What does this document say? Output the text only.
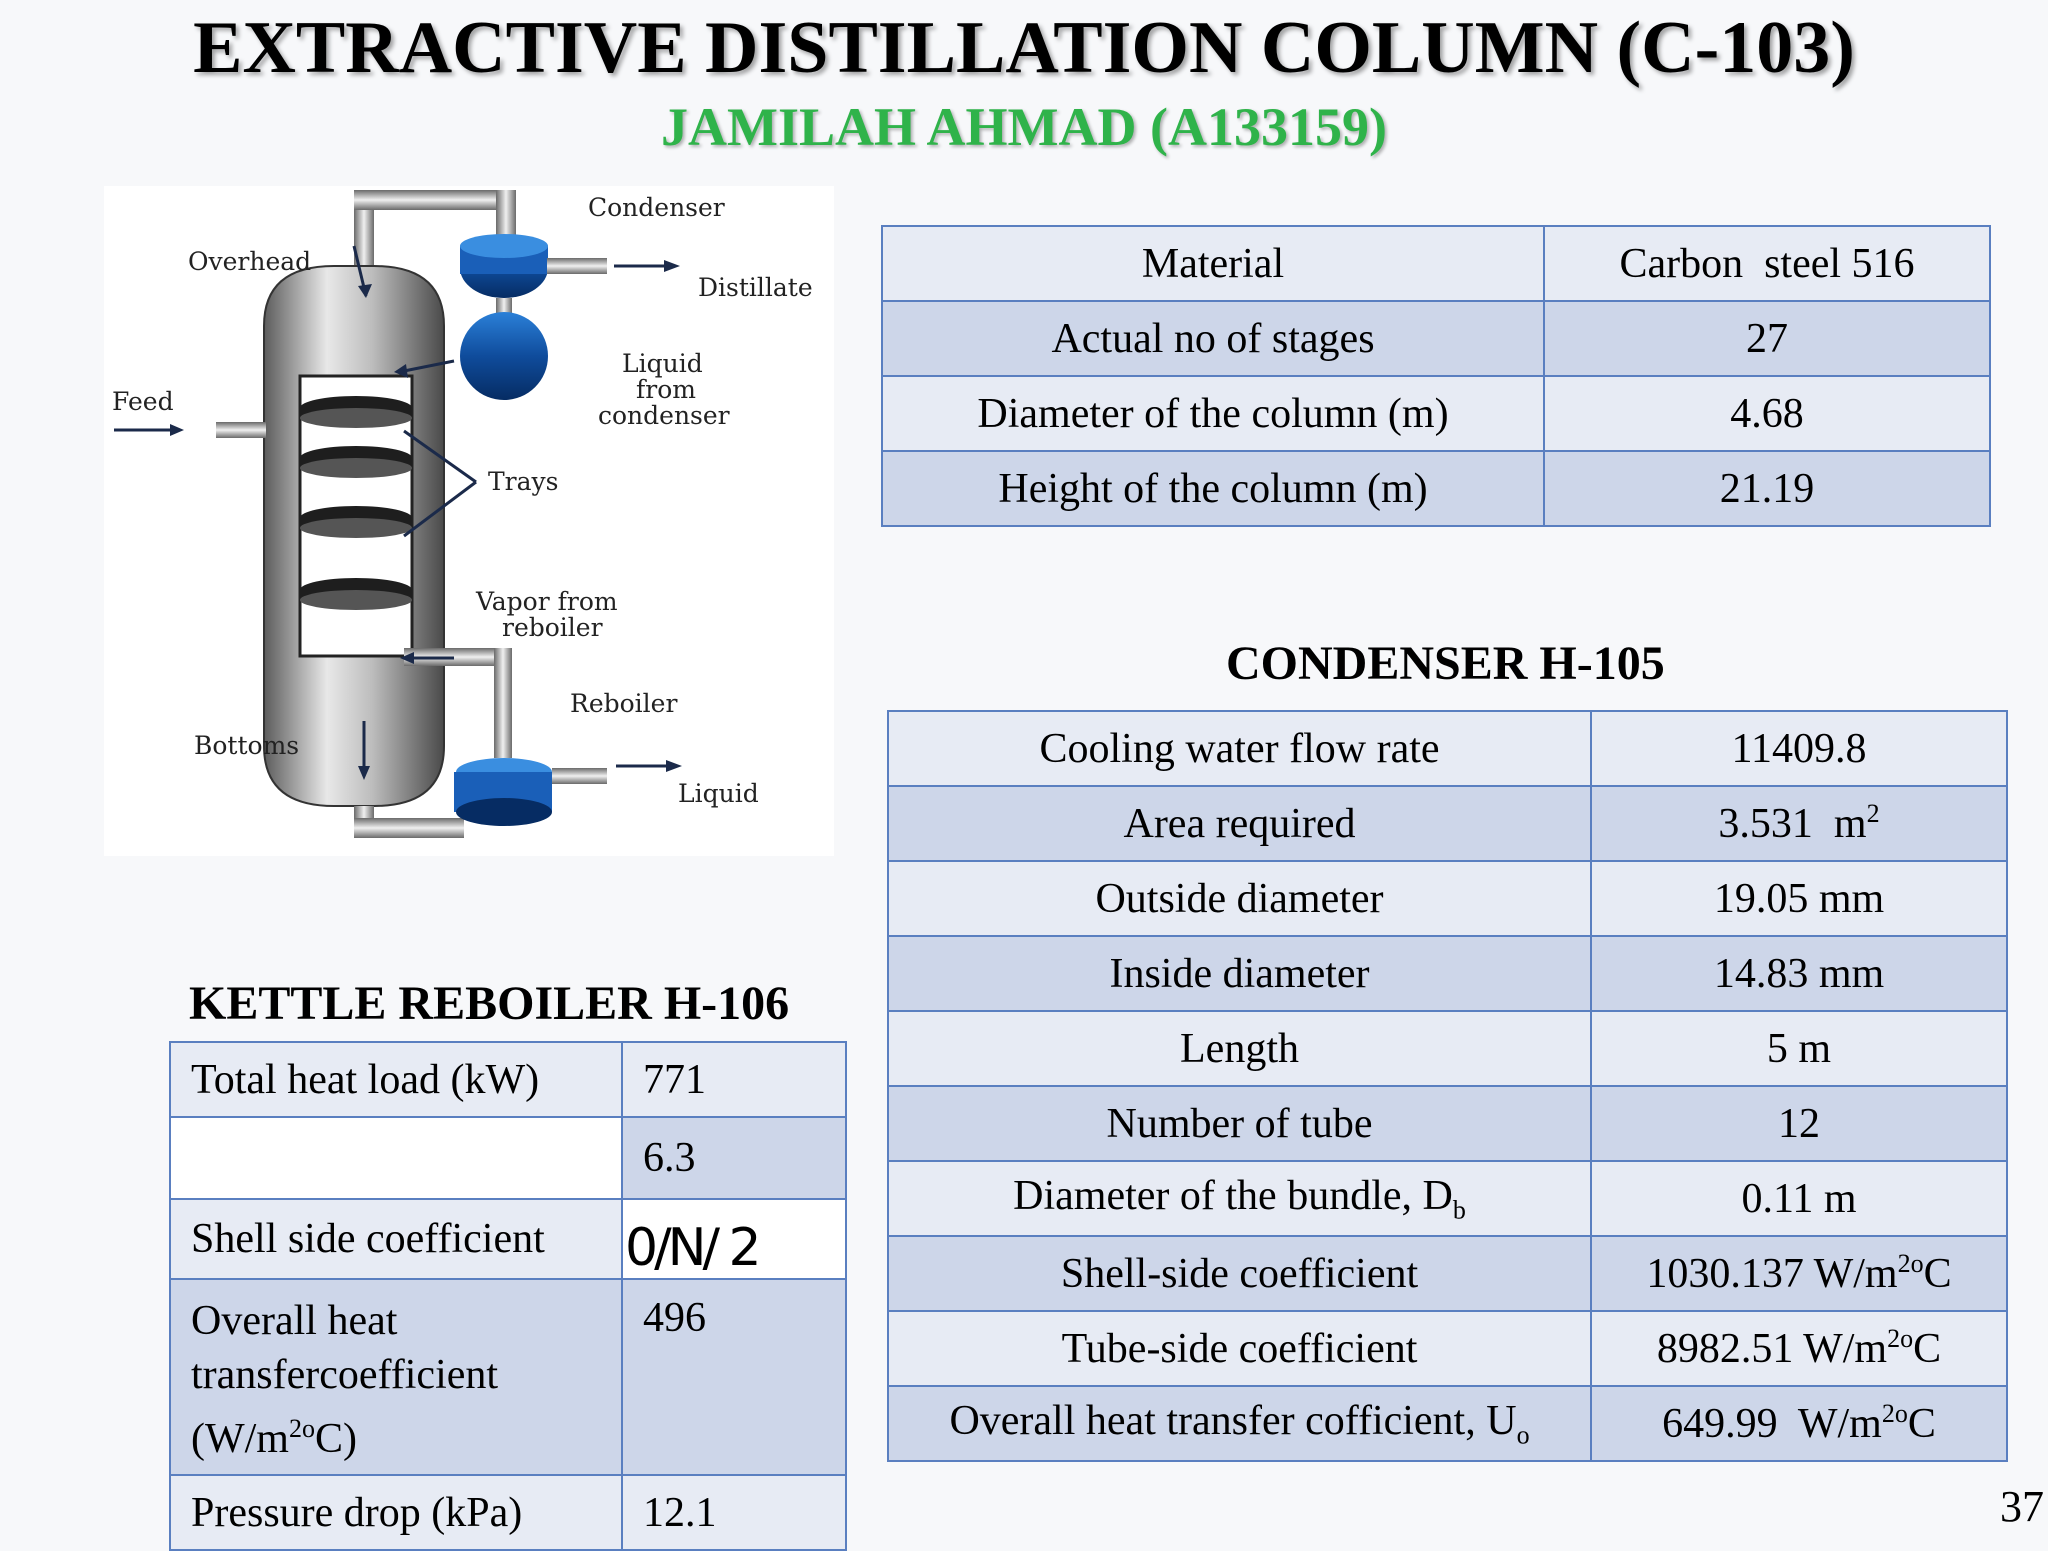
EXTRACTIVE DISTILLATION COLUMN (C-103)
JAMILAH AHMAD (A133159)
Condenser
Overhead
Distillate
Liquid
from
condenser
Feed
Trays
Vapor from
reboiler
Reboiler
Bottoms
Liquid
Material	Carbon  steel 516
Actual no of stages	27
Diameter of the column (m)	4.68
Height of the column (m)	21.19
CONDENSER H-105
Cooling water flow rate	11409.8
Area required	3.531  $m^2$
Outside diameter	19.05 mm
Inside diameter	14.83 mm
Length	5 m
Number of tube	12
Diameter of the bundle, $D_b$	0.11 m
Shell-side coefficient	1030.137 $W/m^{2o}C$
Tube-side coefficient	8982.51 $W/m^{2o}C$
Overall heat transfer cofficient, $U_o$	649.99  $W/m^{2o}C$
KETTLE REBOILER H-106
Total heat load (kW)	771
	6.3
Shell side coefficient	0/N/ 2
Overall heat transfercoefficient $(W/m^{2o}C)$	496
Pressure drop (kPa)	12.1	37
